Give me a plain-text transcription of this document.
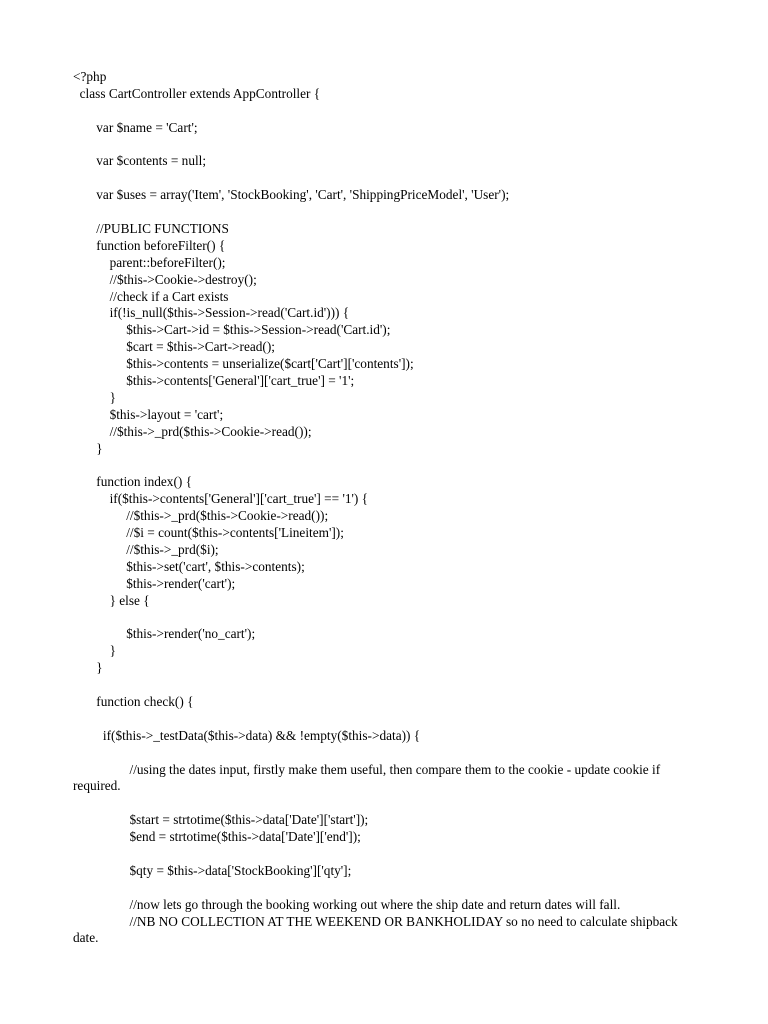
<?php
class CartController extends AppController {
var $name = 'Cart';
var $contents = null;
var $uses = array('Item', 'StockBooking', 'Cart', 'ShippingPriceModel', 'User');
//PUBLIC FUNCTIONS
function beforeFilter() {
parent::beforeFilter();
//$this->Cookie->destroy();
//check if a Cart exists
if(!is_null($this->Session->read('Cart.id'))) {
$this->Cart->id = $this->Session->read('Cart.id');
$cart = $this->Cart->read();
$this->contents = unserialize($cart['Cart']['contents']);
$this->contents['General']['cart_true'] = '1';
}
$this->layout = 'cart';
//$this->_prd($this->Cookie->read());
}
function index() {
if($this->contents['General']['cart_true'] == '1') {
//$this->_prd($this->Cookie->read());
//$i = count($this->contents['Lineitem']);
//$this->_prd($i);
$this->set('cart', $this->contents);
$this->render('cart');
} else {
$this->render('no_cart');
}
}
function check() {
if($this->_testData($this->data) && !empty($this->data)) {
//using the dates input, firstly make them useful, then compare them to the cookie - update cookie if required.
$start = strtotime($this->data['Date']['start']);
$end = strtotime($this->data['Date']['end']);
$qty = $this->data['StockBooking']['qty'];
//now lets go through the booking working out where the ship date and return dates will fall.
//NB NO COLLECTION AT THE WEEKEND OR BANKHOLIDAY so no need to calculate shipback date.
